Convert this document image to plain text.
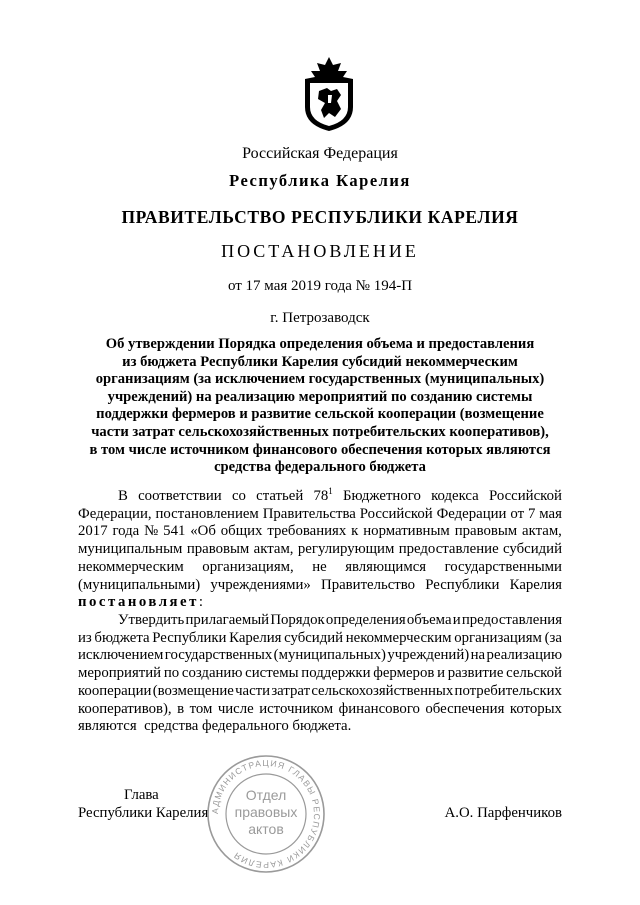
Российская Федерация
Республика Карелия
ПРАВИТЕЛЬСТВО РЕСПУБЛИКИ КАРЕЛИЯ
ПОСТАНОВЛЕНИЕ
от 17 мая 2019 года № 194-П
г. Петрозаводск
Об утверждении Порядка определения объема и предоставления
из бюджета Республики Карелия субсидий некоммерческим
организациям (за исключением государственных (муниципальных)
учреждений) на реализацию мероприятий по созданию системы
поддержки фермеров и развитие сельской кооперации (возмещение
части затрат сельскохозяйственных потребительских кооперативов),
в том числе источником финансового обеспечения которых являются
средства федерального бюджета
В соответствии со статьей $78^1$ Бюджетного кодекса Российской
Федерации, постановлением Правительства Российской Федерации от 7 мая
2017 года № 541 «Об общих требованиях к нормативным правовым актам,
муниципальным правовым актам, регулирующим предоставление субсидий
некоммерческим организациям, не являющимся государственными
(муниципальными) учреждениями» Правительство Республики Карелия
постановляет :
Утвердить прилагаемый Порядок определения объема и предоставления
из бюджета Республики Карелия субсидий некоммерческим организациям (за
исключением государственных (муниципальных) учреждений) на реализацию
мероприятий по созданию системы поддержки фермеров и развитие сельской
кооперации (возмещение части затрат сельскохозяйственных потребительских
кооперативов), в том числе источником финансового обеспечения которых
являются  средства федерального бюджета.
Глава
Республики Карелия АДМИНИСТРАЦИЯ ГЛАВЫ РЕСПУБЛИКИ КАРЕЛИЯ
Отдел
правовых
актов
А.О. Парфенчиков
